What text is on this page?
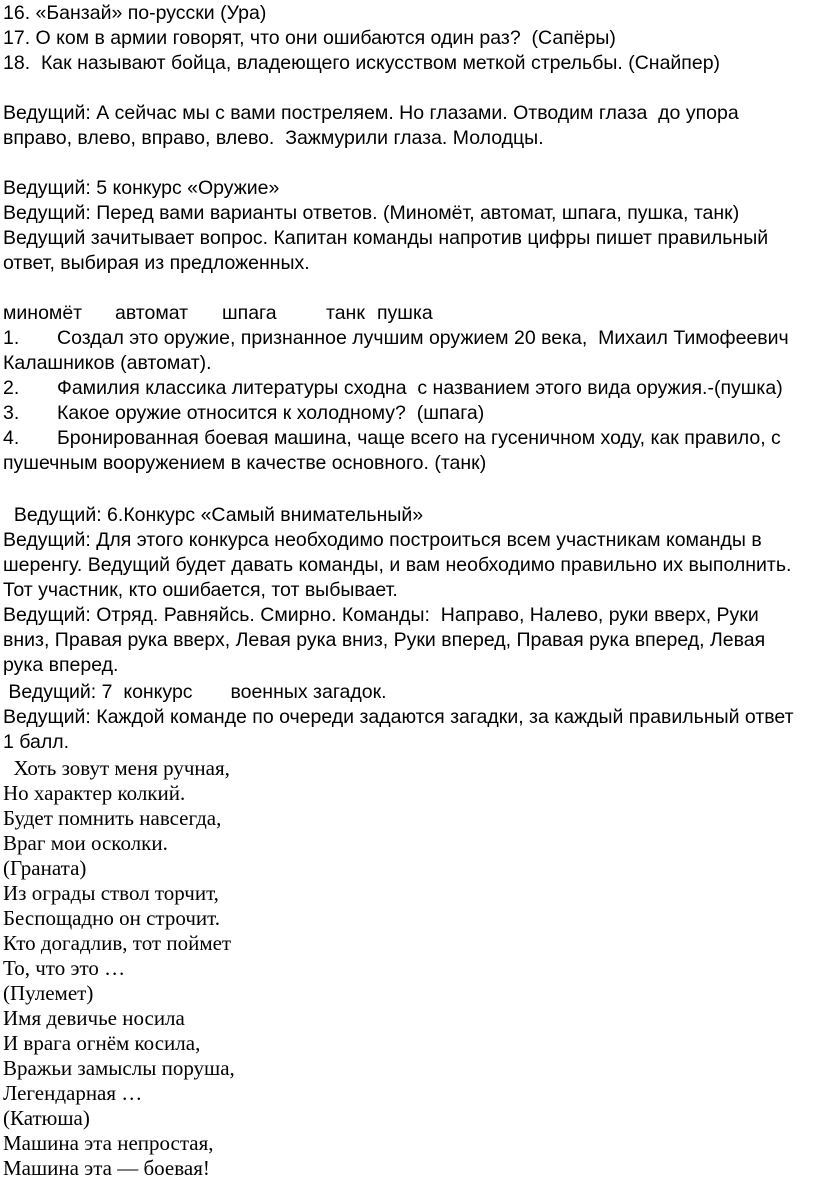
16. «Банзай» по-русски (Ура)
17. О ком в армии говорят, что они ошибаются один раз?  (Сапёры)
18.  Как называют бойца, владеющего искусством меткой стрельбы. (Снайпер)
Ведущий: А сейчас мы с вами постреляем. Но глазами. Отводим глаза  до упора
вправо, влево, вправо, влево.  Зажмурили глаза. Молодцы.
Ведущий: 5 конкурс «Оружие»
Ведущий: Перед вами варианты ответов. (Миномёт, автомат, шпага, пушка, танк)
Ведущий зачитывает вопрос. Капитан команды напротив цифры пишет правильный
ответ, выбирая из предложенных.
миномёт автомат шпага	танк пушка
1. Создал это оружие, признанное лучшим оружием 20 века,  Михаил Тимофеевич
Калашников (автомат).
2. Фамилия классика литературы сходна  с названием этого вида оружия.-(пушка)
3. Какое оружие относится к холодному?  (шпага)
4. Бронированная боевая машина, чаще всего на гусеничном ходу, как правило, с
пушечным вооружением в качестве основного. (танк)
Ведущий: 6.Конкурс «Самый внимательный»
Ведущий: Для этого конкурса необходимо построиться всем участникам команды в
шеренгу. Ведущий будет давать команды, и вам необходимо правильно их выполнить.
Тот участник, кто ошибается, тот выбывает.
Ведущий: Отряд. Равняйсь. Смирно. Команды:  Направо, Налево, руки вверх, Руки
вниз, Правая рука вверх, Левая рука вниз, Руки вперед, Правая рука вперед, Левая
рука вперед.
Ведущий: 7  конкурс       военных загадок.
Ведущий: Каждой команде по очереди задаются загадки, за каждый правильный ответ
1 балл.
Хоть зовут меня ручная,
Но характер колкий.
Будет помнить навсегда,
Враг мои осколки.
(Граната)
Из ограды ствол торчит,
Беспощадно он строчит.
Кто догадлив, тот поймет
То, что это …
(Пулемет)
Имя девичье носила
И врага огнём косила,
Вражьи замыслы поруша,
Легендарная …
(Катюша)
Машина эта непростая,
Машина эта — боевая!
